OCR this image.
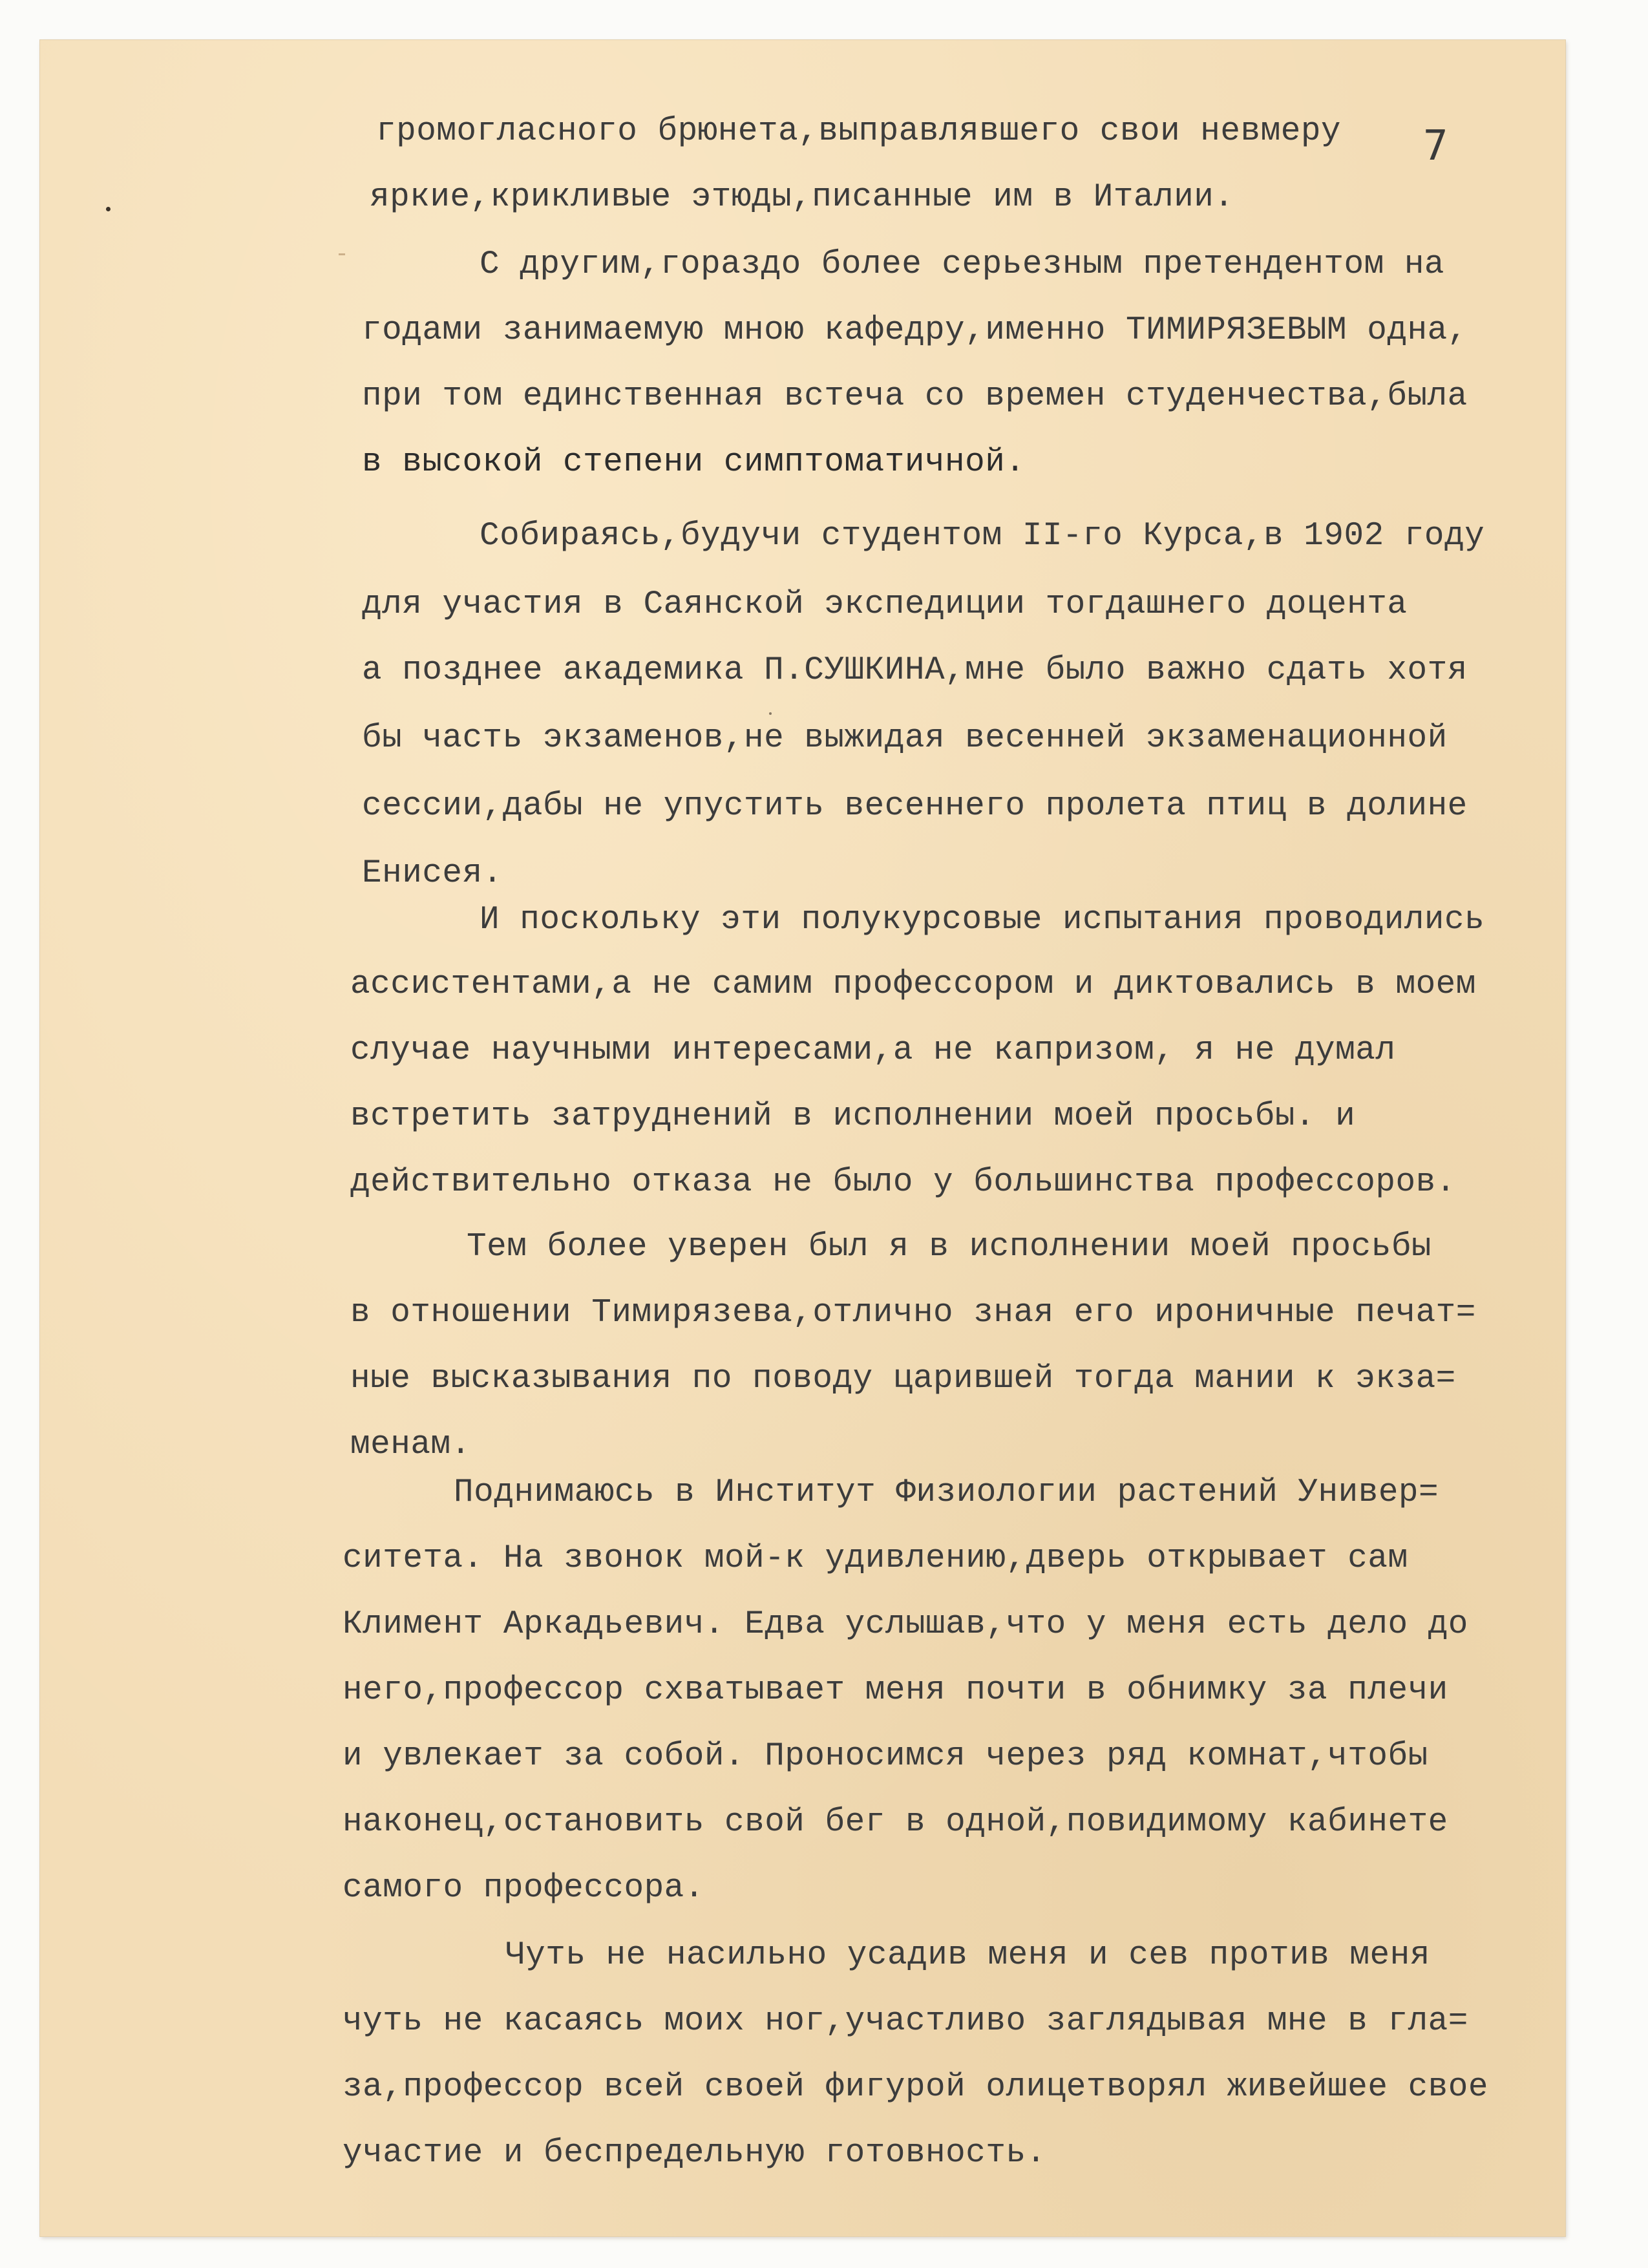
7
громогласного брюнета,выправлявшего свои невмеру
яркие,крикливые этюды,писанные им в Италии.
С другим,гораздо более серьезным претендентом на
годами занимаемую мною кафедру,именно ТИМИРЯЗЕВЫМ одна,
при том единственная встеча со времен студенчества,была
в высокой степени симптоматичной.
Собираясь,будучи студентом II-го Курса,в 1902 году
для участия в Саянской экспедиции тогдашнего доцента
а позднее академика П.СУШКИНА,мне было важно сдать хотя
бы часть экзаменов,не выжидая весенней экзаменационной
сессии,дабы не упустить весеннего пролета птиц в долине
Енисея.
И поскольку эти полукурсовые испытания проводились
ассистентами,а не самим профессором и диктовались в моем
случае научными интересами,а не капризом, я не думал
встретить затруднений в исполнении моей просьбы. и
действительно отказа не было у большинства профессоров.
Тем более уверен был я в исполнении моей просьбы
в отношении Тимирязева,отлично зная его ироничные печат=
ные высказывания по поводу царившей тогда мании к экза=
менам.
Поднимаюсь в Институт Физиологии растений Универ=
ситета. На звонок мой-к удивлению,дверь открывает сам
Климент Аркадьевич. Едва услышав,что у меня есть дело до
него,профессор схватывает меня почти в обнимку за плечи
и увлекает за собой. Проносимся через ряд комнат,чтобы
наконец,остановить свой бег в одной,повидимому кабинете
самого профессора.
Чуть не насильно усадив меня и сев против меня
чуть не касаясь моих ног,участливо заглядывая мне в гла=
за,профессор всей своей фигурой олицетворял живейшее свое
участие и беспредельную готовность.
